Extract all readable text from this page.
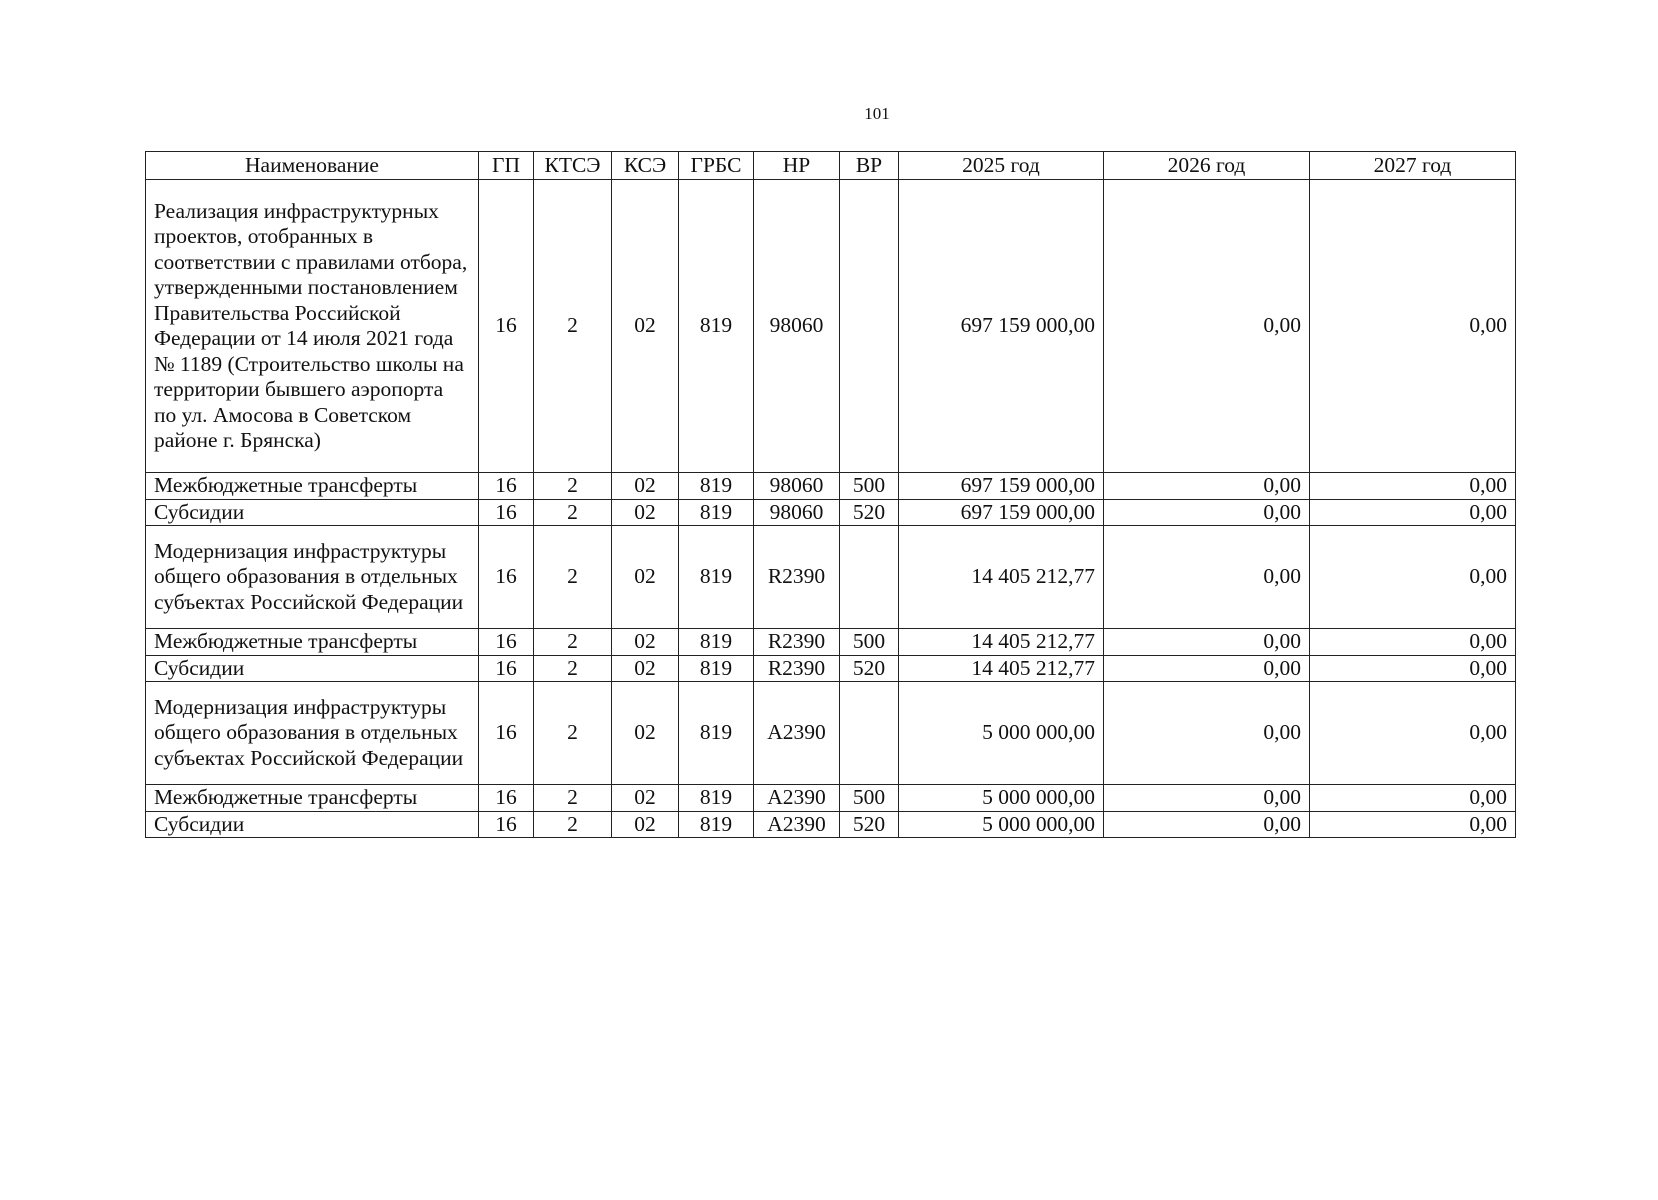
101
Наименование	ГП	КТСЭ	КСЭ	ГРБС	НР	ВР	2025 год	2026 год	2027 год
Реализация инфраструктурных проектов, отобранных в соответствии с правилами отбора, утвержденными постановлением Правительства Российской Федерации от 14 июля 2021 года № 1189 (Строительство школы на территории бывшего аэропорта по ул. Амосова в Советском районе г. Брянска)	16	2	02	819	98060		697 159 000,00	0,00	0,00
Межбюджетные трансферты	16	2	02	819	98060	500	697 159 000,00	0,00	0,00
Субсидии	16	2	02	819	98060	520	697 159 000,00	0,00	0,00
Модернизация инфраструктуры общего образования в отдельных субъектах Российской Федерации	16	2	02	819	R2390		14 405 212,77	0,00	0,00
Межбюджетные трансферты	16	2	02	819	R2390	500	14 405 212,77	0,00	0,00
Субсидии	16	2	02	819	R2390	520	14 405 212,77	0,00	0,00
Модернизация инфраструктуры общего образования в отдельных субъектах Российской Федерации	16	2	02	819	А2390		5 000 000,00	0,00	0,00
Межбюджетные трансферты	16	2	02	819	А2390	500	5 000 000,00	0,00	0,00
Субсидии	16	2	02	819	А2390	520	5 000 000,00	0,00	0,00
